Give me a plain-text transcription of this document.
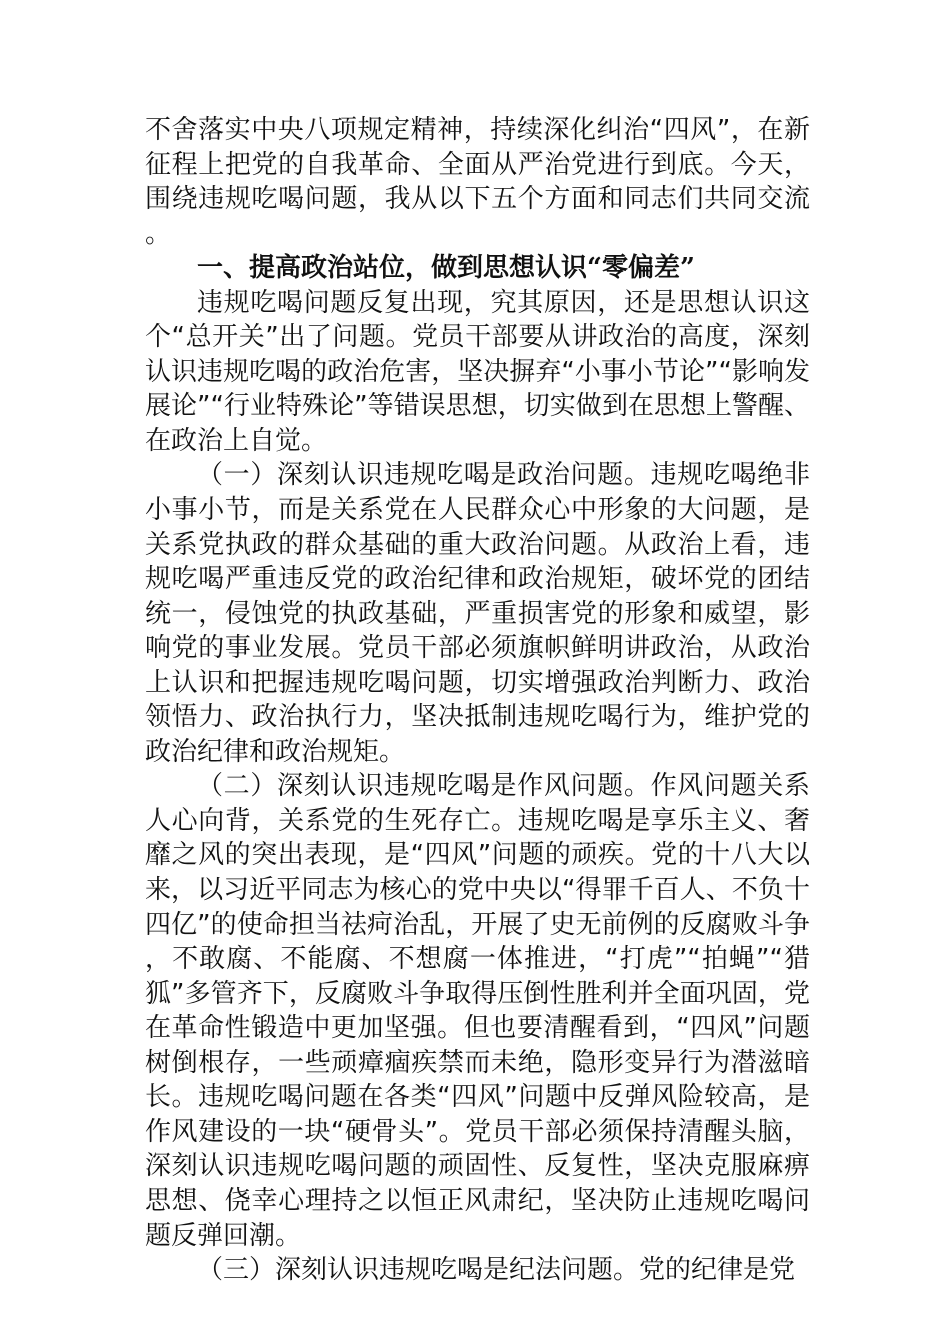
不舍落实中央八项规定精神，持续深化纠治“四风”，在新征程上把党的自我革命、全面从严治党进行到底。今天，围绕违规吃喝问题，我从以下五个方面和同志们共同交流。

一、提高政治站位，做到思想认识“零偏差”

违规吃喝问题反复出现，究其原因，还是思想认识这个“总开关”出了问题。党员干部要从讲政治的高度，深刻认识违规吃喝的政治危害，坚决摒弃“小事小节论”“影响发展论”“行业特殊论”等错误思想，切实做到在思想上警醒、在政治上自觉。

（一）深刻认识违规吃喝是政治问题。违规吃喝绝非小事小节，而是关系党在人民群众心中形象的大问题，是关系党执政的群众基础的重大政治问题。从政治上看，违规吃喝严重违反党的政治纪律和政治规矩，破坏党的团结统一，侵蚀党的执政基础，严重损害党的形象和威望，影响党的事业发展。党员干部必须旗帜鲜明讲政治，从政治上认识和把握违规吃喝问题，切实增强政治判断力、政治领悟力、政治执行力，坚决抵制违规吃喝行为，维护党的政治纪律和政治规矩。

（二）深刻认识违规吃喝是作风问题。作风问题关系人心向背，关系党的生死存亡。违规吃喝是享乐主义、奢靡之风的突出表现，是“四风”问题的顽疾。党的十八大以来，以习近平同志为核心的党中央以“得罪千百人、不负十四亿”的使命担当祛疴治乱，开展了史无前例的反腐败斗争，不敢腐、不能腐、不想腐一体推进，“打虎”“拍蝇”“猎狐”多管齐下，反腐败斗争取得压倒性胜利并全面巩固，党在革命性锻造中更加坚强。但也要清醒看到，“四风”问题树倒根存，一些顽瘴痼疾禁而未绝，隐形变异行为潜滋暗长。违规吃喝问题在各类“四风”问题中反弹风险较高，是作风建设的一块“硬骨头”。党员干部必须保持清醒头脑，深刻认识违规吃喝问题的顽固性、反复性，坚决克服麻痹思想、侥幸心理持之以恒正风肃纪，坚决防止违规吃喝问题反弹回潮。

（三）深刻认识违规吃喝是纪法问题。党的纪律是党
